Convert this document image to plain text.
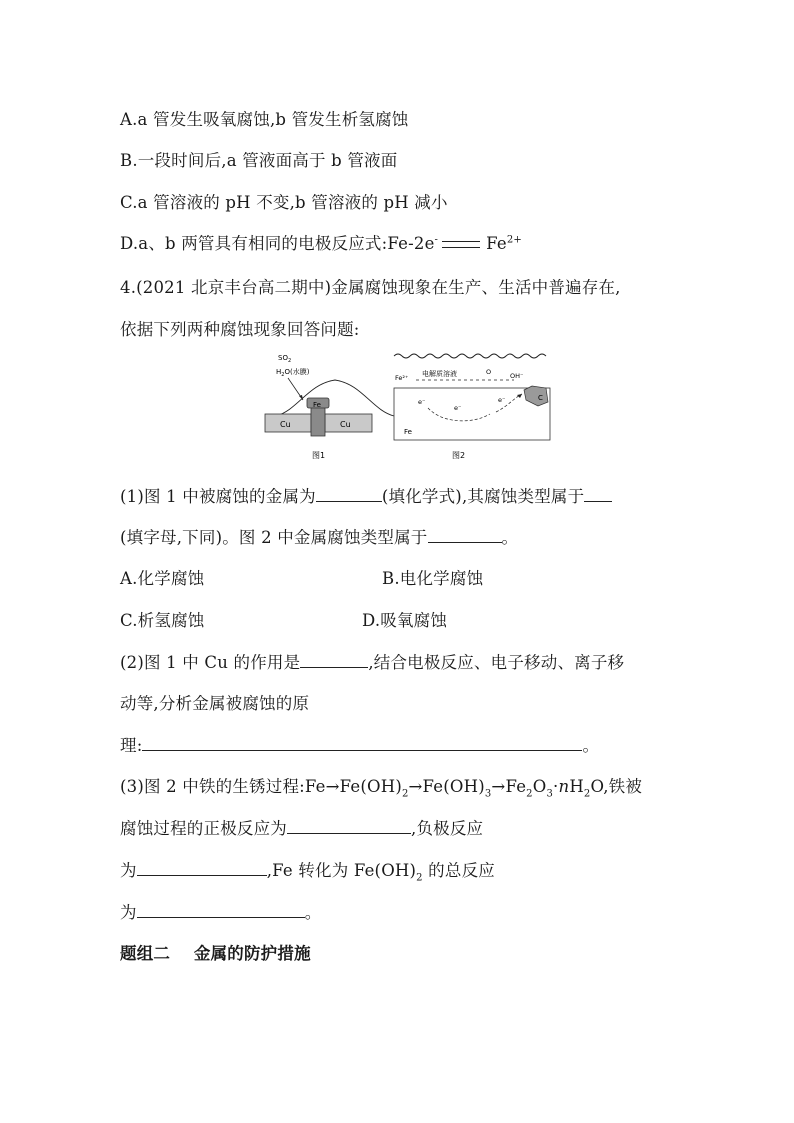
A.a 管发生吸氧腐蚀,b 管发生析氢腐蚀
B.一段时间后,a 管液面高于 b 管液面
C.a 管溶液的 pH 不变,b 管溶液的 pH 减小
D.a、b 两管具有相同的电极反应式:Fe-2e-	$Fe^{2+}$
4.(2021 北京丰台高二期中)金属腐蚀现象在生产、生活中普遍存在,
依据下列两种腐蚀现象回答问题:
$SO_2$
$H_2O$(水膜)
Fe
Cu	Cu
图1
Fe²⁺ 电解质溶液	O	OH⁻
C
e⁻
e⁻
e⁻
Fe
图2
(1)图 1 中被腐蚀的金属为	(填化学式),其腐蚀类型属于
(填字母,下同)。图 2 中金属腐蚀类型属于	。
A.化学腐蚀	B.电化学腐蚀
C.析氢腐蚀	D.吸氧腐蚀
(2)图 1 中 Cu 的作用是	,结合电极反应、电子移动、离子移
动等,分析金属被腐蚀的原
理:	。
(3)图 2 中铁的生锈过程$:Fe\to Fe(OH)_2\to Fe(OH)_3\to Fe_2O_3\cdot nH_2O$,铁被
腐蚀过程的正极反应为	,负极反应
为	,Fe 转化为 $Fe(OH)_2$ 的总反应
为	。
题组二    金属的防护措施
